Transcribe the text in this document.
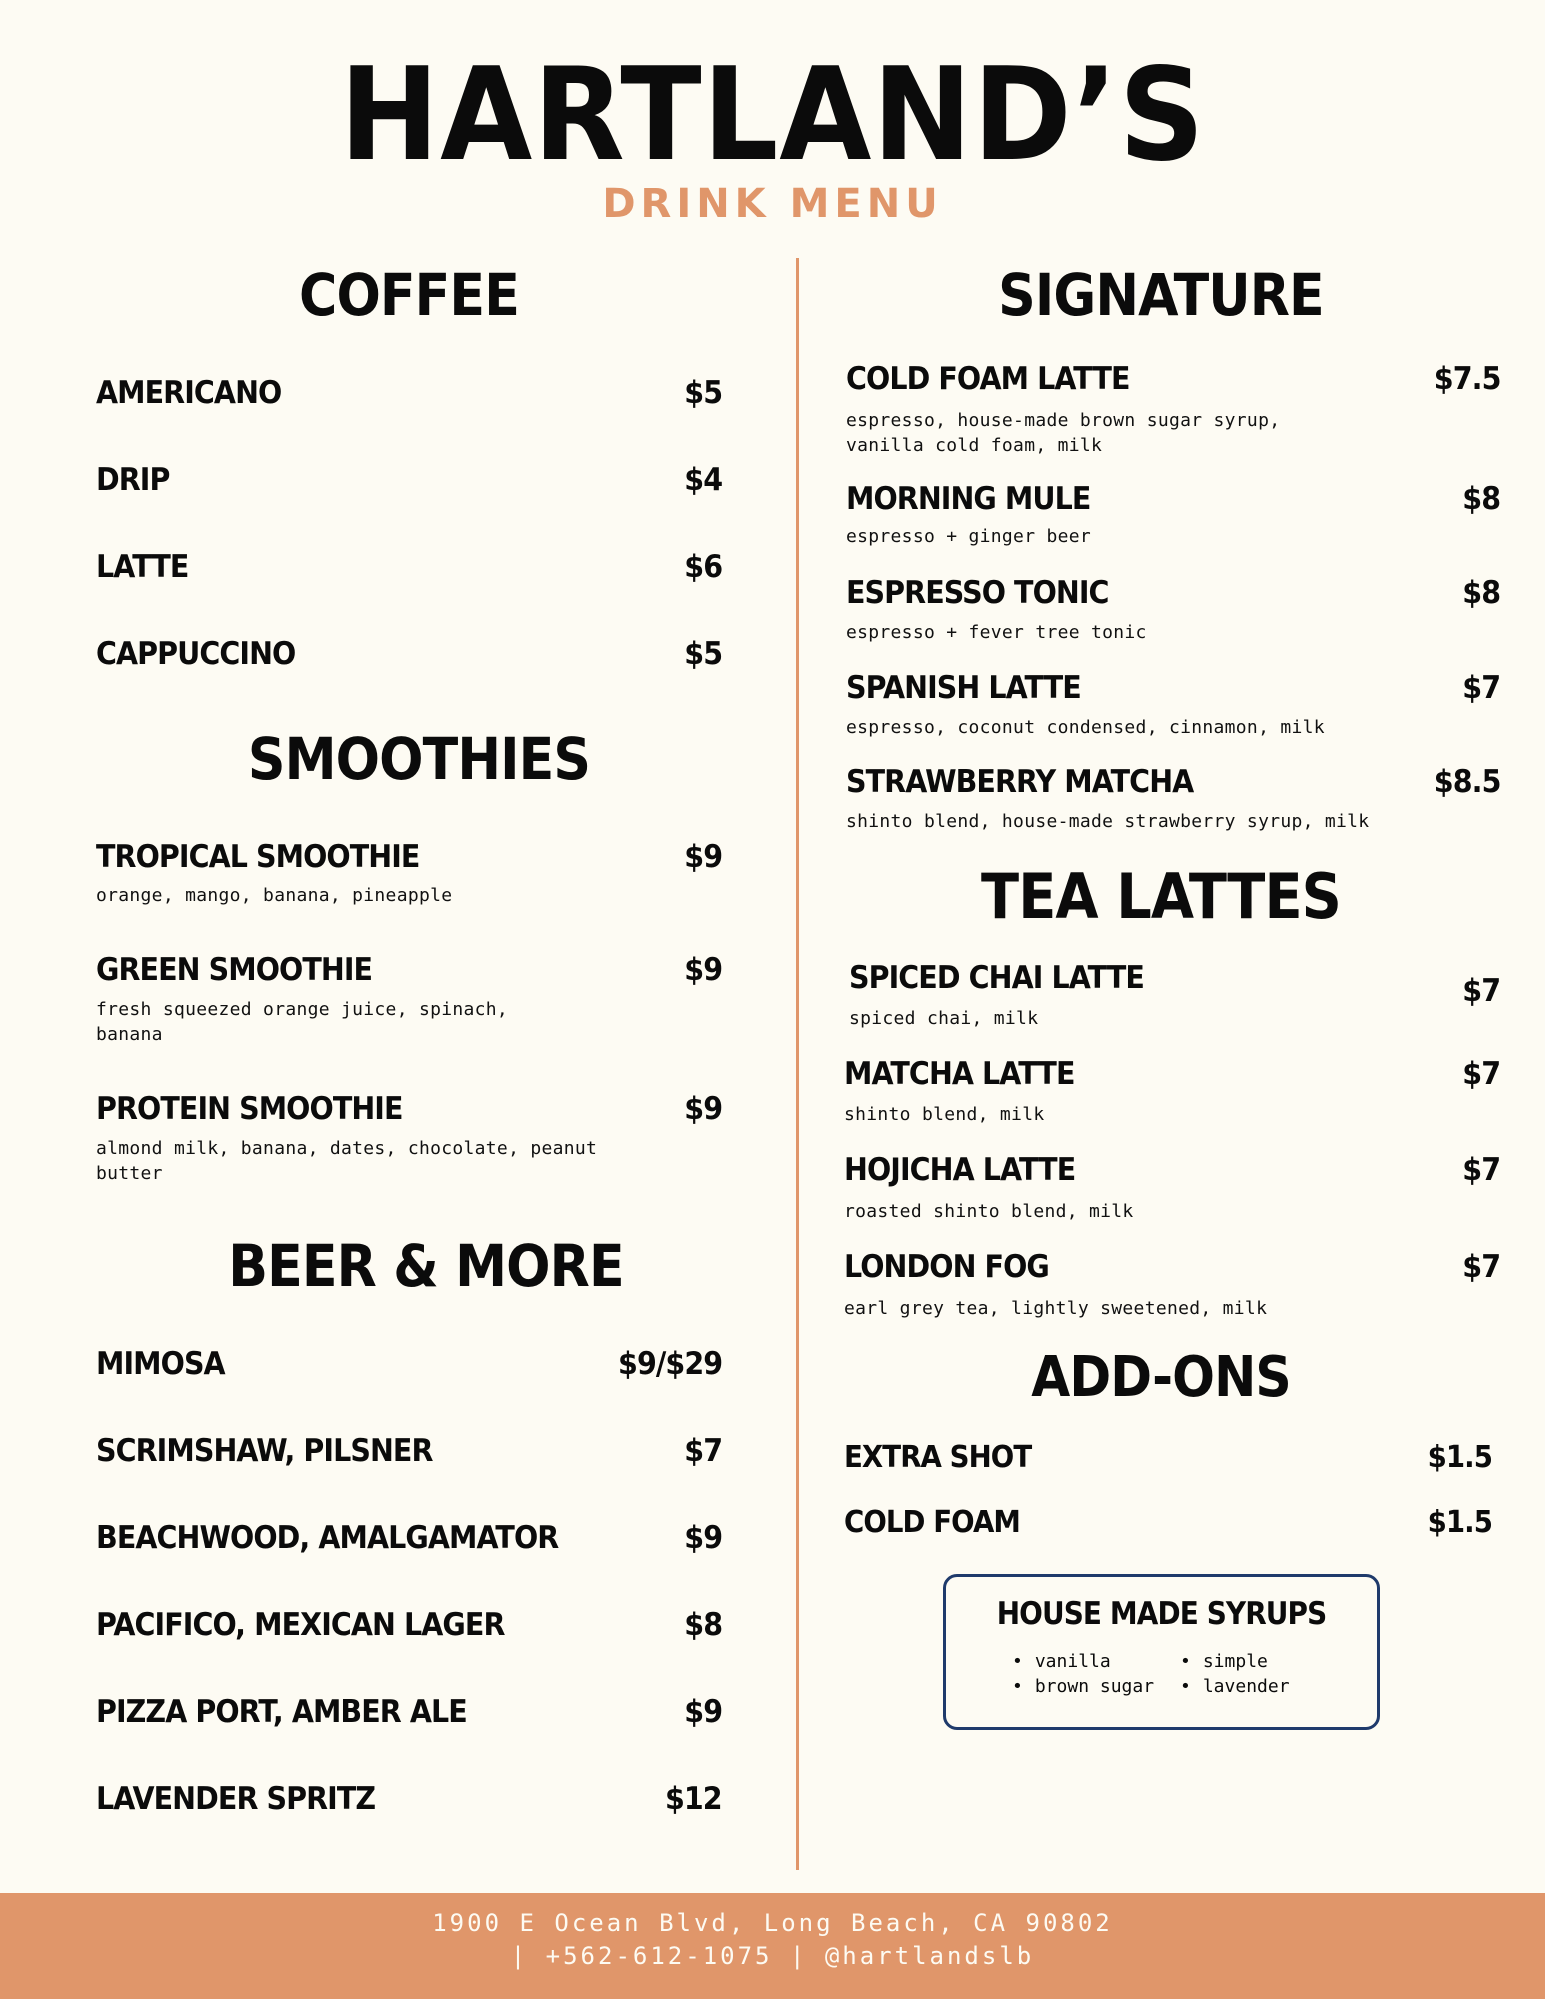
HARTLAND’S
DRINK MENU
COFFEE
AMERICANO	$5
DRIP	$4
LATTE	$6
CAPPUCCINO	$5
SMOOTHIES
TROPICAL SMOOTHIE	$9
orange, mango, banana, pineapple
GREEN SMOOTHIE	$9
fresh squeezed orange juice, spinach,
banana
PROTEIN SMOOTHIE	$9
almond milk, banana, dates, chocolate, peanut
butter
BEER & MORE
MIMOSA	$9/$29
SCRIMSHAW, PILSNER	$7
BEACHWOOD, AMALGAMATOR	$9
PACIFICO, MEXICAN LAGER	$8
PIZZA PORT, AMBER ALE	$9
LAVENDER SPRITZ	$12
SIGNATURE
COLD FOAM LATTE	$7.5
espresso, house-made brown sugar syrup,
vanilla cold foam, milk
MORNING MULE	$8
espresso + ginger beer
ESPRESSO TONIC	$8
espresso + fever tree tonic
SPANISH LATTE	$7
espresso, coconut condensed, cinnamon, milk
STRAWBERRY MATCHA	$8.5
shinto blend, house-made strawberry syrup, milk
TEA LATTES
SPICED CHAI LATTE	$7
spiced chai, milk
MATCHA LATTE	$7
shinto blend, milk
HOJICHA LATTE	$7
roasted shinto blend, milk
LONDON FOG	$7
earl grey tea, lightly sweetened, milk
ADD-ONS
EXTRA SHOT	$1.5
COLD FOAM	$1.5
HOUSE MADE SYRUPS
• vanilla
• brown sugar
• simple
• lavender
1900 E Ocean Blvd, Long Beach, CA 90802
| +562-612-1075 | @hartlandslb
